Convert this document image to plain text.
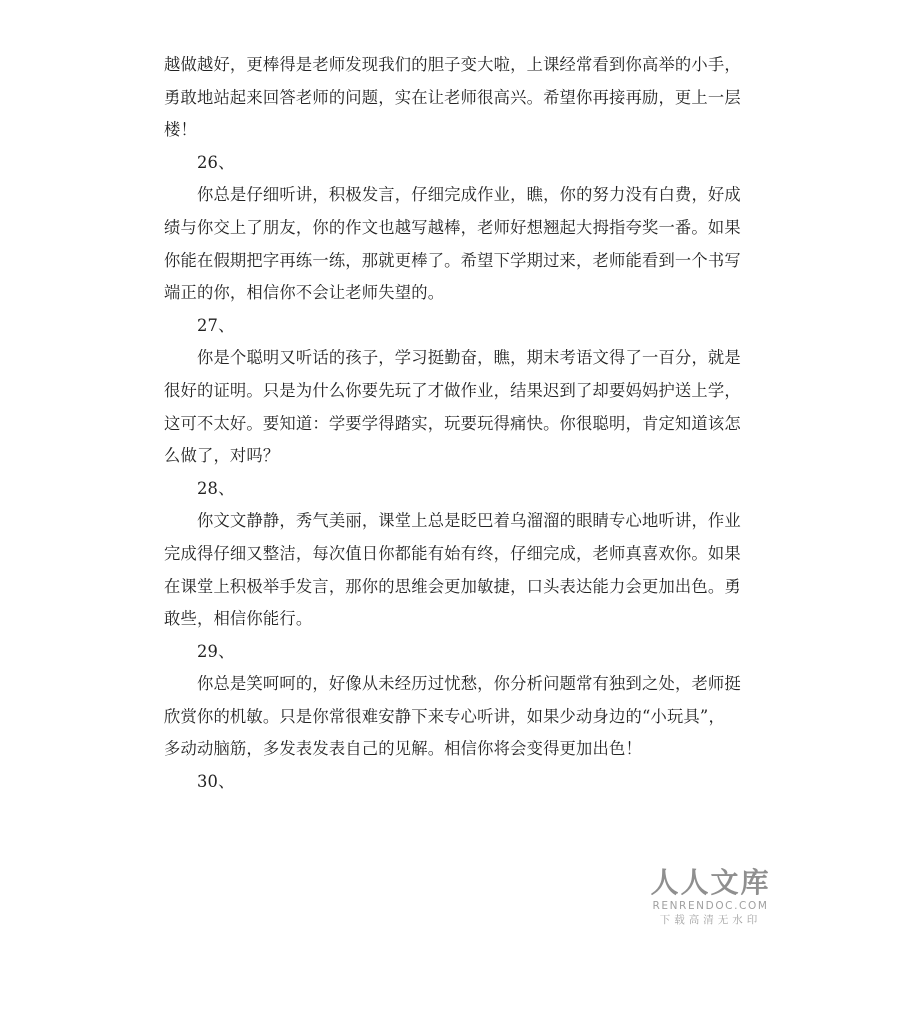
越做越好，更棒得是老师发现我们的胆子变大啦，上课经常看到你高举的小手，
勇敢地站起来回答老师的问题，实在让老师很高兴。希望你再接再励，更上一层
楼！
26、
你总是仔细听讲，积极发言，仔细完成作业，瞧，你的努力没有白费，好成
绩与你交上了朋友，你的作文也越写越棒，老师好想翘起大拇指夸奖一番。如果
你能在假期把字再练一练，那就更棒了。希望下学期过来，老师能看到一个书写
端正的你，相信你不会让老师失望的。
27、
你是个聪明又听话的孩子，学习挺勤奋，瞧，期末考语文得了一百分，就是
很好的证明。只是为什么你要先玩了才做作业，结果迟到了却要妈妈护送上学，
这可不太好。要知道：学要学得踏实，玩要玩得痛快。你很聪明，肯定知道该怎
么做了，对吗？
28、
你文文静静，秀气美丽，课堂上总是眨巴着乌溜溜的眼睛专心地听讲，作业
完成得仔细又整洁，每次值日你都能有始有终，仔细完成，老师真喜欢你。如果
在课堂上积极举手发言，那你的思维会更加敏捷，口头表达能力会更加出色。勇
敢些，相信你能行。
29、
你总是笑呵呵的，好像从未经历过忧愁，你分析问题常有独到之处，老师挺
欣赏你的机敏。只是你常很难安静下来专心听讲，如果少动身边的“小玩具”，
多动动脑筋，多发表发表自己的见解。相信你将会变得更加出色！
30、
人人文库
RENRENDOC.COM
下载高清无水印
